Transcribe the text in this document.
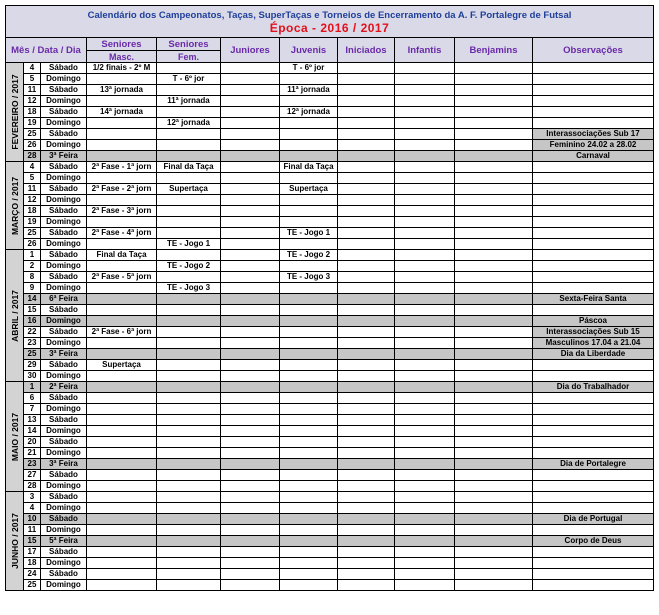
Calendário dos Campeonatos, Taças, SuperTaças e Torneios de Encerramento da A. F. Portalegre de Futsal
Época - 2016 / 2017										

Mês / Data / Dia			Seniores	Seniores	Juniores	Juvenis	Iniciados	Infantis	Benjamins	Observações
			Masc.	Fem.						

FEVEREIRO / 2017	4	Sábado	1/2 finais - 2º M			T - 6º jor				
	5	Domingo		T - 6º jor						
	11	Sábado	13ª jornada			11ª jornada				
	12	Domingo		11ª jornada						
	18	Sábado	14ª jornada			12ª jornada				
	19	Domingo		12ª jornada						
	25	Sábado								Interassociações Sub 17
	26	Domingo								Feminino 24.02 a 28.02
	28	3ª Feira								Carnaval

MARÇO / 2017	4	Sábado	2ª Fase - 1ª jorn	Final da Taça		Final da Taça				
	5	Domingo								
	11	Sábado	2ª Fase - 2ª jorn	Supertaça		Supertaça				
	12	Domingo								
	18	Sábado	2ª Fase - 3ª jorn							
	19	Domingo								
	25	Sábado	2ª Fase - 4ª jorn			TE - Jogo 1				
	26	Domingo		TE - Jogo 1						

ABRIL / 2017	1	Sábado	Final da Taça			TE - Jogo 2				
	2	Domingo		TE - Jogo 2						
	8	Sábado	2ª Fase - 5ª jorn			TE - Jogo 3				
	9	Domingo		TE - Jogo 3						
	14	6ª Feira								Sexta-Feira Santa
	15	Sábado								
	16	Domingo								Páscoa
	22	Sábado	2ª Fase - 6ª jorn							Interassociações Sub 15
	23	Domingo								Masculinos 17.04 a 21.04
	25	3ª Feira								Dia da Liberdade
	29	Sábado	Supertaça							
	30	Domingo								

MAIO / 2017	1	2ª Feira								Dia do Trabalhador
	6	Sábado								
	7	Domingo								
	13	Sábado								
	14	Domingo								
	20	Sábado								
	21	Domingo								
	23	3ª Feira								Dia de Portalegre
	27	Sábado								
	28	Domingo								

JUNHO / 2017	3	Sábado								
	4	Domingo								
	10	Sábado								Dia de Portugal
	11	Domingo								
	15	5ª Feira								Corpo de Deus
	17	Sábado								
	18	Domingo								
	24	Sábado								
	25	Domingo								
